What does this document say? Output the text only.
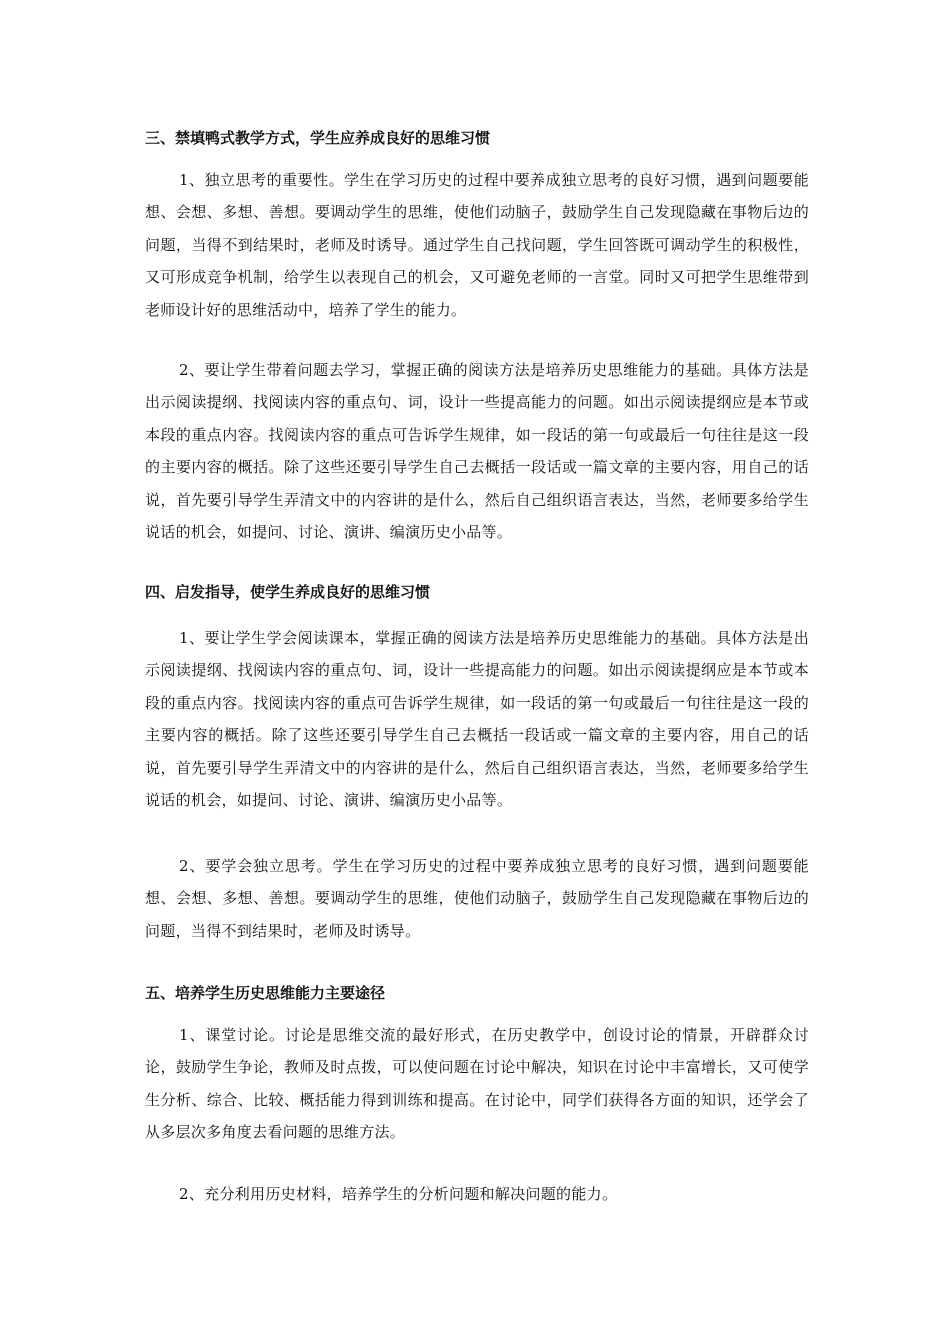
三、禁填鸭式教学方式，学生应养成良好的思维习惯
1、独立思考的重要性。学生在学习历史的过程中要养成独立思考的良好习惯，遇到问题要能想、会想、多想、善想。要调动学生的思维，使他们动脑子，鼓励学生自己发现隐藏在事物后边的问题，当得不到结果时，老师及时诱导。通过学生自己找问题，学生回答既可调动学生的积极性，又可形成竞争机制，给学生以表现自己的机会，又可避免老师的一言堂。同时又可把学生思维带到老师设计好的思维活动中，培养了学生的能力。
2、要让学生带着问题去学习，掌握正确的阅读方法是培养历史思维能力的基础。具体方法是出示阅读提纲、找阅读内容的重点句、词，设计一些提高能力的问题。如出示阅读提纲应是本节或本段的重点内容。找阅读内容的重点可告诉学生规律，如一段话的第一句或最后一句往往是这一段的主要内容的概括。除了这些还要引导学生自己去概括一段话或一篇文章的主要内容，用自己的话说，首先要引导学生弄清文中的内容讲的是什么，然后自己组织语言表达，当然，老师要多给学生说话的机会，如提问、讨论、演讲、编演历史小品等。
四、启发指导，使学生养成良好的思维习惯
1、要让学生学会阅读课本，掌握正确的阅读方法是培养历史思维能力的基础。具体方法是出示阅读提纲、找阅读内容的重点句、词，设计一些提高能力的问题。如出示阅读提纲应是本节或本段的重点内容。找阅读内容的重点可告诉学生规律，如一段话的第一句或最后一句往往是这一段的主要内容的概括。除了这些还要引导学生自己去概括一段话或一篇文章的主要内容，用自己的话说，首先要引导学生弄清文中的内容讲的是什么，然后自己组织语言表达，当然，老师要多给学生说话的机会，如提问、讨论、演讲、编演历史小品等。
2、要学会独立思考。学生在学习历史的过程中要养成独立思考的良好习惯，遇到问题要能想、会想、多想、善想。要调动学生的思维，使他们动脑子，鼓励学生自己发现隐藏在事物后边的问题，当得不到结果时，老师及时诱导。
五、培养学生历史思维能力主要途径
1、课堂讨论。讨论是思维交流的最好形式，在历史教学中，创设讨论的情景，开辟群众讨论，鼓励学生争论，教师及时点拨，可以使问题在讨论中解决，知识在讨论中丰富增长，又可使学生分析、综合、比较、概括能力得到训练和提高。在讨论中，同学们获得各方面的知识，还学会了从多层次多角度去看问题的思维方法。
2、充分利用历史材料，培养学生的分析问题和解决问题的能力。
